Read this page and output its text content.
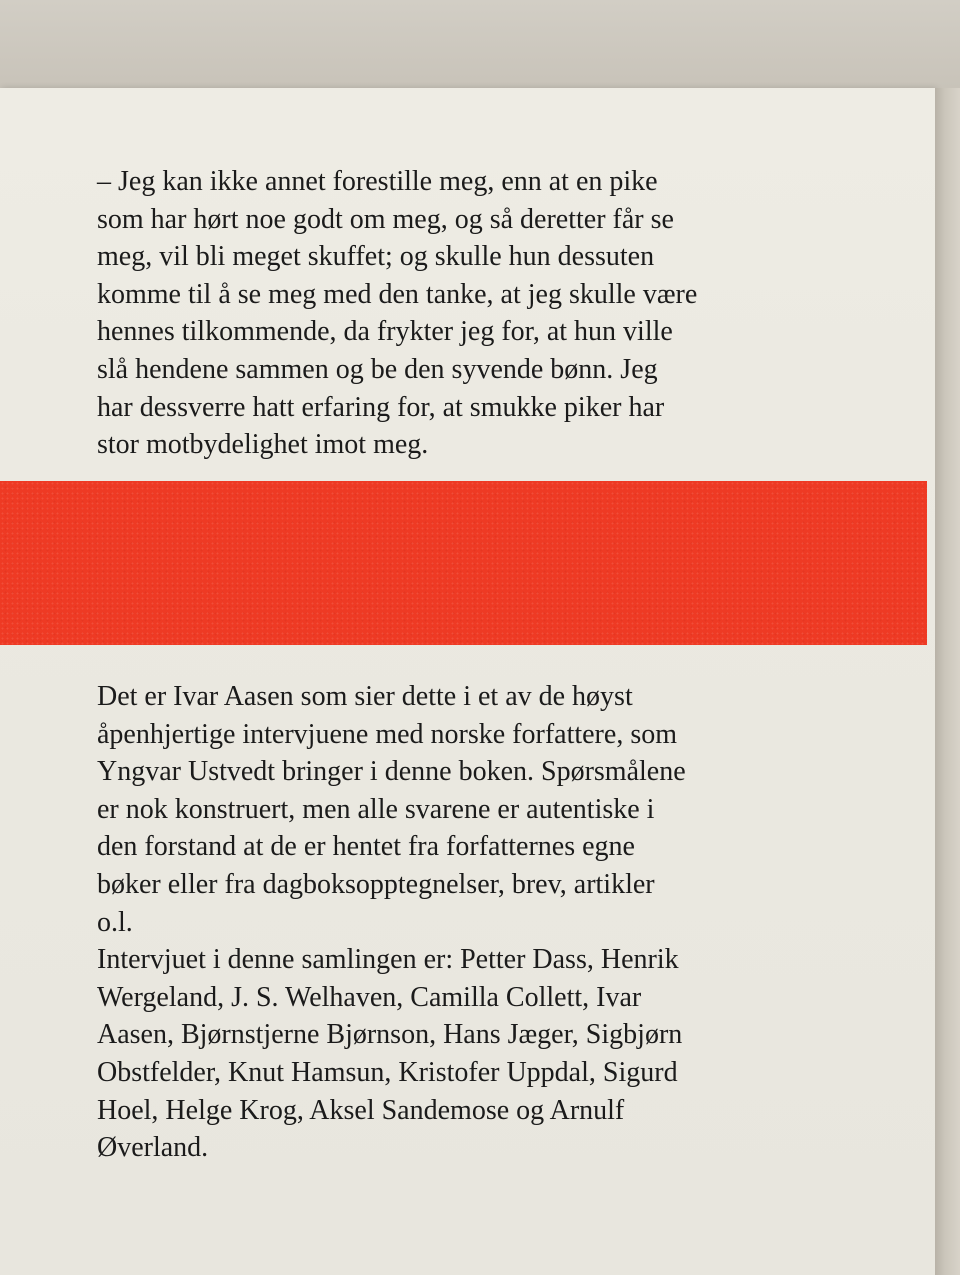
– Jeg kan ikke annet forestille meg, enn at en pike
som har hørt noe godt om meg, og så deretter får se
meg, vil bli meget skuffet; og skulle hun dessuten
komme til å se meg med den tanke, at jeg skulle være
hennes tilkommende, da frykter jeg for, at hun ville
slå hendene sammen og be den syvende bønn. Jeg
har dessverre hatt erfaring for, at smukke piker har
stor motbydelighet imot meg.

Det er Ivar Aasen som sier dette i et av de høyst
åpenhjertige intervjuene med norske forfattere, som
Yngvar Ustvedt bringer i denne boken. Spørsmålene
er nok konstruert, men alle svarene er autentiske i
den forstand at de er hentet fra forfatternes egne
bøker eller fra dagboksopptegnelser, brev, artikler
o.l.

Intervjuet i denne samlingen er: Petter Dass, Henrik
Wergeland, J. S. Welhaven, Camilla Collett, Ivar
Aasen, Bjørnstjerne Bjørnson, Hans Jæger, Sigbjørn
Obstfelder, Knut Hamsun, Kristofer Uppdal, Sigurd
Hoel, Helge Krog, Aksel Sandemose og Arnulf
Øverland.
